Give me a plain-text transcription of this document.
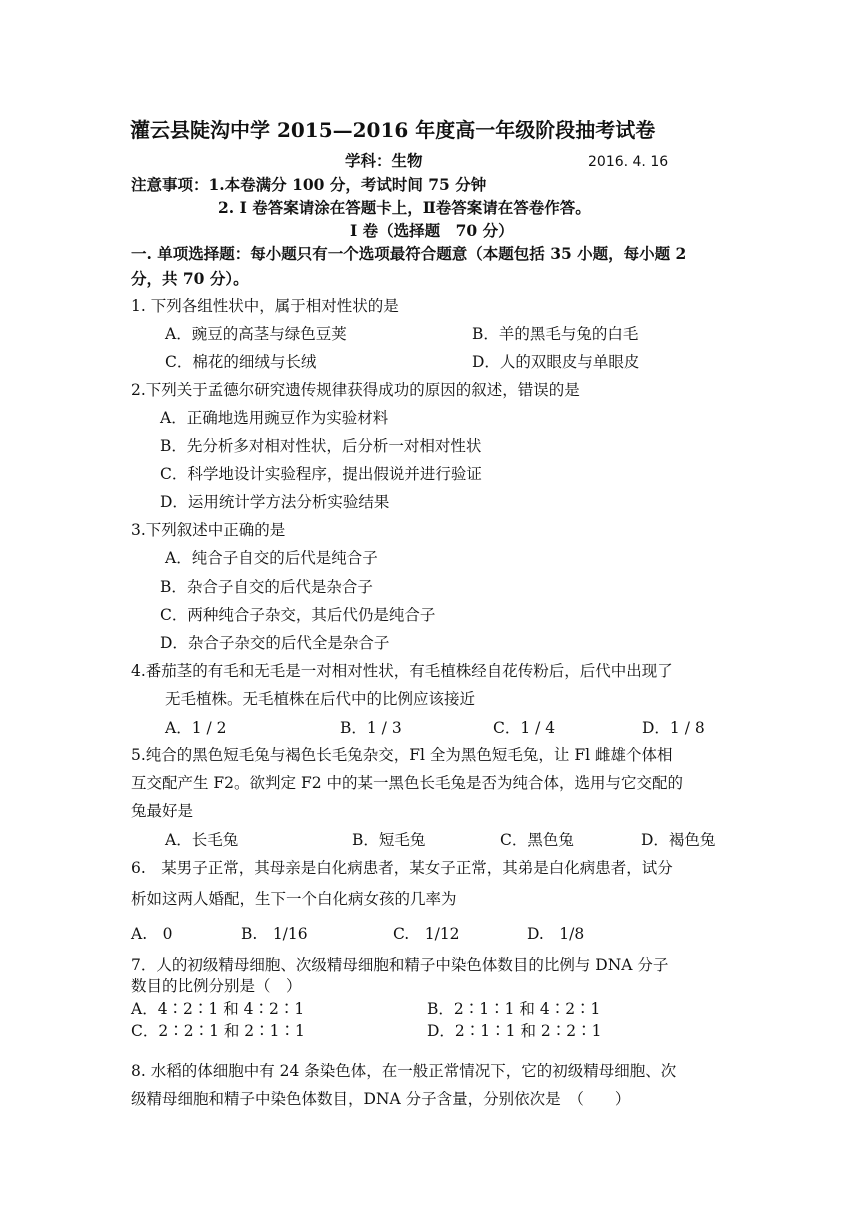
灌云县陡沟中学 2015—2016 年度高一年级阶段抽考试卷
学科：生物	2016. 4. 16
注意事项：1.本卷满分 100 分，考试时间 75 分钟
2. I 卷答案请涂在答题卡上，Ⅱ卷答案请在答卷作答。
I 卷（选择题　70 分）
一. 单项选择题：每小题只有一个选项最符合题意（本题包括 35 小题，每小题 2
分，共 70 分）。
1. 下列各组性状中，属于相对性状的是
A．豌豆的高茎与绿色豆荚	B．羊的黑毛与兔的白毛
C．棉花的细绒与长绒	D．人的双眼皮与单眼皮
2.下列关于孟德尔研究遗传规律获得成功的原因的叙述，错误的是
A．正确地选用豌豆作为实验材料
B．先分析多对相对性状，后分析一对相对性状
C．科学地设计实验程序，提出假说并进行验证
D．运用统计学方法分析实验结果
3.下列叙述中正确的是
A．纯合子自交的后代是纯合子
B．杂合子自交的后代是杂合子
C．两种纯合子杂交，其后代仍是纯合子
D．杂合子杂交的后代全是杂合子
4.番茄茎的有毛和无毛是一对相对性状，有毛植株经自花传粉后，后代中出现了
无毛植株。无毛植株在后代中的比例应该接近
A．1 / 2	B．1 / 3	C．1 / 4	D．1 / 8
5.纯合的黑色短毛兔与褐色长毛兔杂交，Fl 全为黑色短毛兔，让 Fl 雌雄个体相
互交配产生 F2。欲判定 F2 中的某一黑色长毛兔是否为纯合体，选用与它交配的
兔最好是
A．长毛兔	B．短毛兔	C．黑色兔	D．褐色兔
6.　某男子正常，其母亲是白化病患者，某女子正常，其弟是白化病患者，试分
析如这两人婚配，生下一个白化病女孩的几率为
A.　0	B.　1/16	C.　1/12	D.　1/8
7．人的初级精母细胞、次级精母细胞和精子中染色体数目的比例与 DNA 分子
数目的比例分别是（　）
A．4∶2∶1 和 4∶2∶1	B．2∶1∶1 和 4∶2∶1
C．2∶2∶1 和 2∶1∶1	D．2∶1∶1 和 2∶2∶1
8. 水稻的体细胞中有 24 条染色体，在一般正常情况下，它的初级精母细胞、次
级精母细胞和精子中染色体数目，DNA 分子含量，分别依次是　（　　）
